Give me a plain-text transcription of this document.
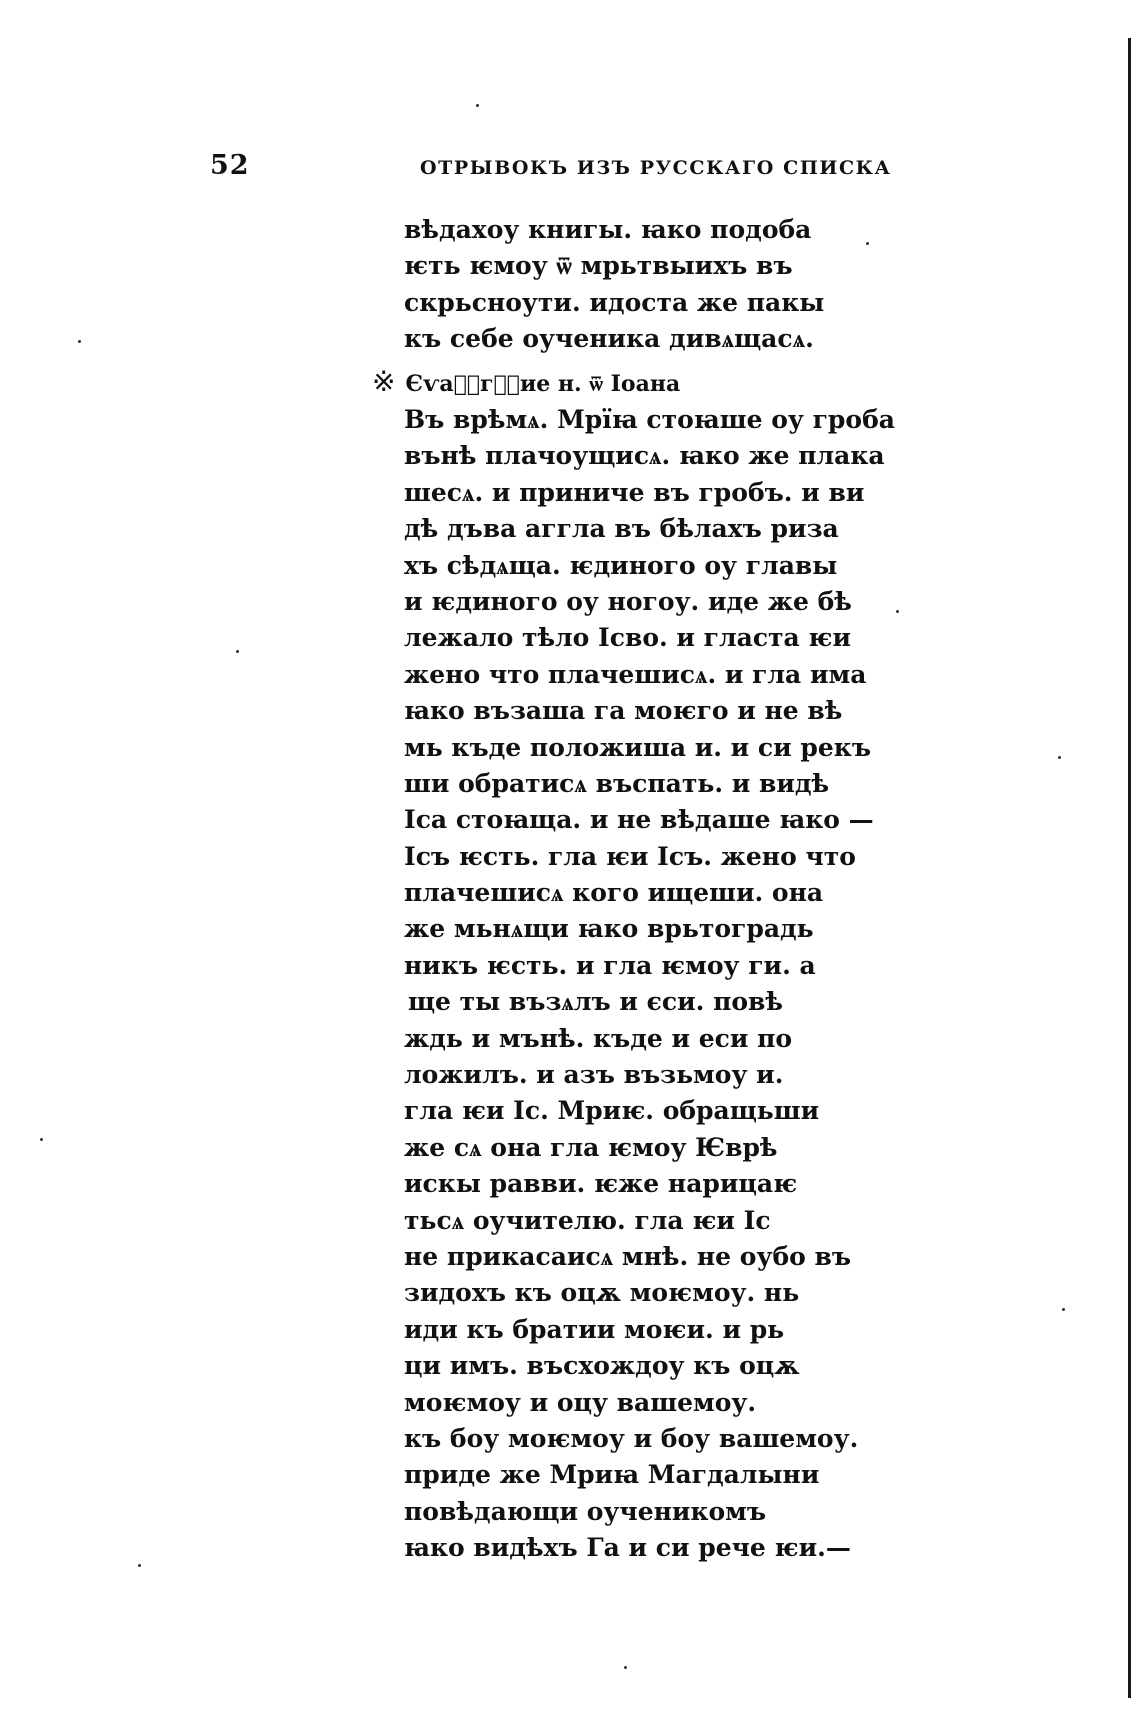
52	ОТРЫВОКЪ ИЗЪ РУССКАГО СПИСКА
вѣдахоу книгы. ꙗко подоба
ѥть ѥмоу ѿ мрьтвыихъ въ
скрьсноути. идоста же пакы
къ себе оученика дивѧщасѧ.
※ Єѵаⷩ҇гⷧ҇ие н. ѿ Іоана
Въ врѣмѧ. Мрїꙗ стоꙗше оу гроба
вънѣ плачоущисѧ. ꙗко же плака
шесѧ. и приниче въ гробъ. и ви
дѣ дъва аггла въ бѣлахъ риза
хъ сѣдѧща. ѥдиного оу главы
и ѥдиного оу ногоу. иде же бѣ
лежало тѣло Ісво. и гласта ѥи
жено что плачешисѧ. и гла има
ꙗко възаша га моѥго и не вѣ
мь къде положиша и. и си рекъ
ши обратисѧ въспать. и видѣ
Іса стоꙗща. и не вѣдаше ꙗко —
Ісъ ѥсть. гла ѥи Ісъ. жено что
плачешисѧ кого ищеши. она
же мьнѧщи ꙗко врьтоградь
никъ ѥсть. и гла ѥмоу ги. а
ще ты възѧлъ и єси. повѣ
ждь и мънѣ. къде и еси по
ложилъ. и азъ възьмоу и.
гла ѥи Іс. Мриѥ. обращьши
же сѧ она гла ѥмоу Ѥврѣ
искы равви. ѥже нарицаѥ
тьсѧ оучителю. гла ѥи Іс
не прикасаисѧ мнѣ. не оубо въ
зидохъ къ оцѫ моѥмоу. нь
иди къ братии моѥи. и рь
ци имъ. въсхождоу къ оцѫ
моѥмоу и оцу вашемоу.
къ боу моѥмоу и боу вашемоу.
приде же Мриꙗ Магдалыни
повѣдающи оученикомъ
ꙗко видѣхъ Га и си рече ѥи.—
